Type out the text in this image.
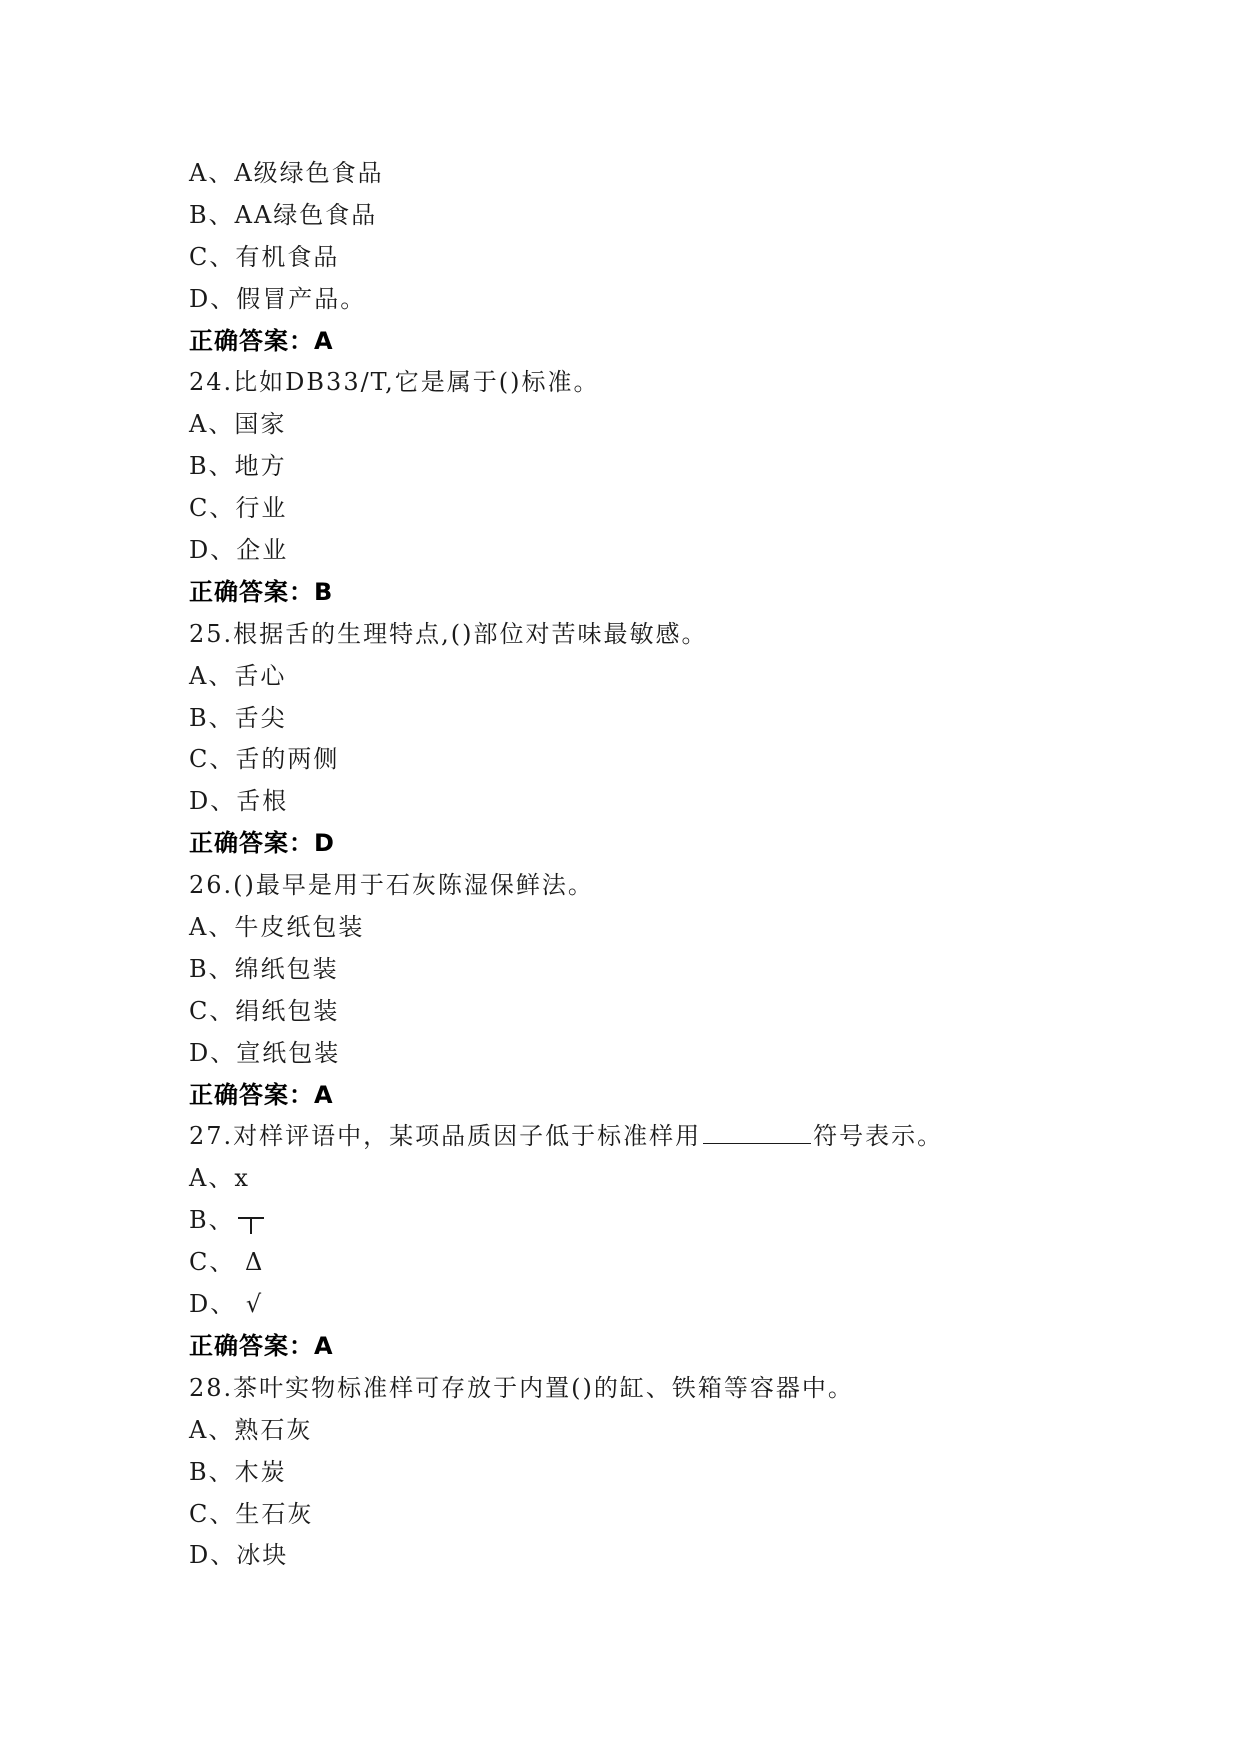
A、A级绿色食品
B、AA绿色食品
C、有机食品
D、假冒产品。
正确答案：A
24.比如DB33/T,它是属于()标准。
A、国家
B、地方
C、行业
D、企业
正确答案：B
25.根据舌的生理特点,()部位对苦味最敏感。
A、舌心
B、舌尖
C、舌的两侧
D、舌根
正确答案：D
26.()最早是用于石灰陈湿保鲜法。
A、牛皮纸包装
B、绵纸包装
C、绢纸包装
D、宣纸包装
正确答案：A
27.对样评语中，某项品质因子低于标准样用	符号表示。
A、x
B、
C、 Δ
D、 √
正确答案：A
28.茶叶实物标准样可存放于内置()的缸、铁箱等容器中。
A、熟石灰
B、木炭
C、生石灰
D、冰块
